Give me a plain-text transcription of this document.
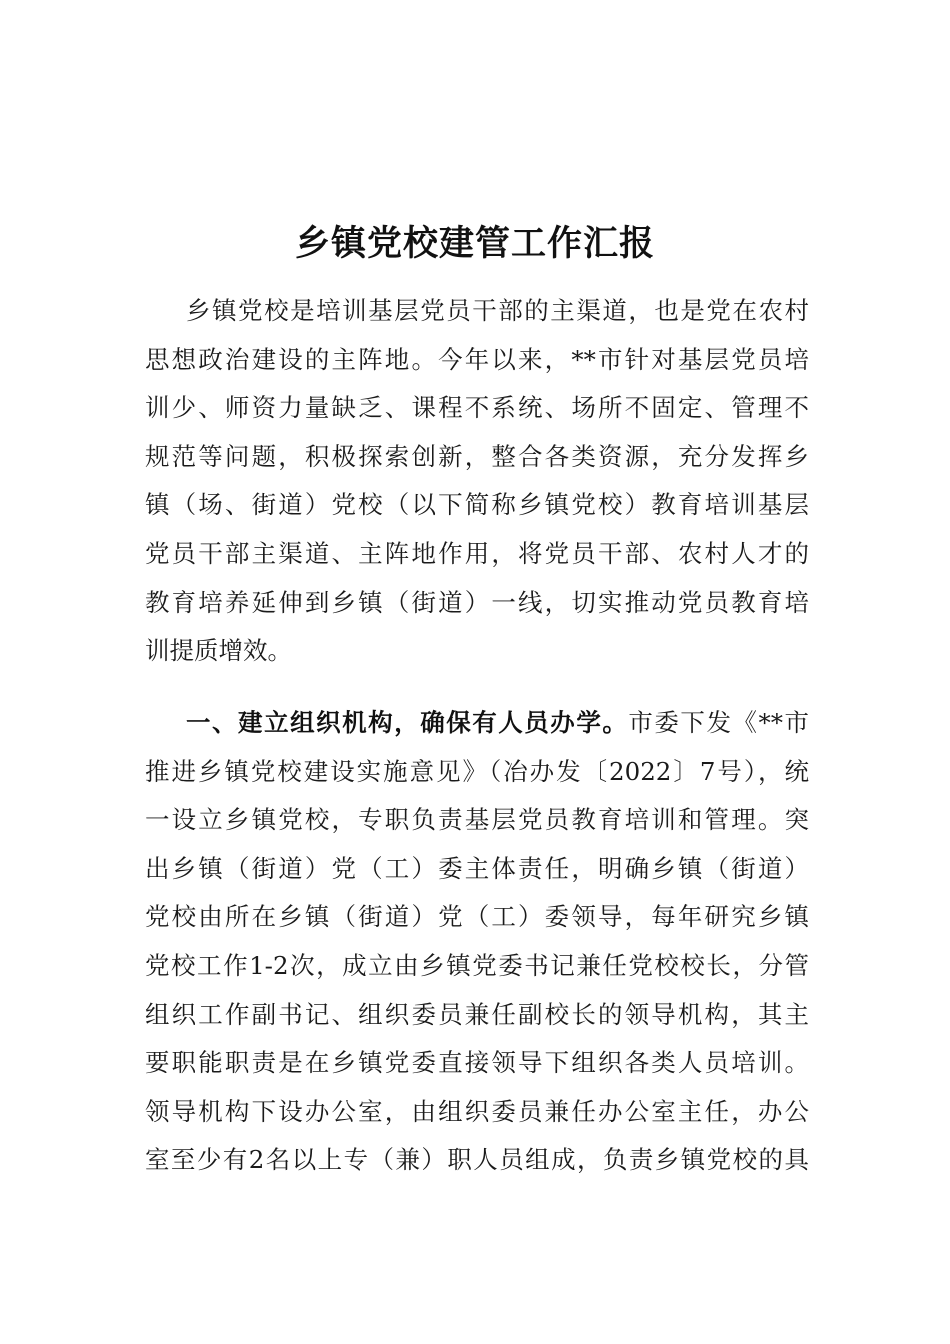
乡镇党校建管工作汇报
乡镇党校是培训基层党员干部的主渠道，也是党在农村
思想政治建设的主阵地。今年以来，**市针对基层党员培
训少、师资力量缺乏、课程不系统、场所不固定、管理不
规范等问题，积极探索创新，整合各类资源，充分发挥乡
镇（场、街道）党校（以下简称乡镇党校）教育培训基层
党员干部主渠道、主阵地作用，将党员干部、农村人才的
教育培养延伸到乡镇（街道）一线，切实推动党员教育培
训提质增效。
一、建立组织机构，确保有人员办学。市委下发《**市
推进乡镇党校建设实施意见》（冶办发〔2022〕7号），统
一设立乡镇党校，专职负责基层党员教育培训和管理。突
出乡镇（街道）党（工）委主体责任，明确乡镇（街道）
党校由所在乡镇（街道）党（工）委领导，每年研究乡镇
党校工作1-2次，成立由乡镇党委书记兼任党校校长，分管
组织工作副书记、组织委员兼任副校长的领导机构，其主
要职能职责是在乡镇党委直接领导下组织各类人员培训。
领导机构下设办公室，由组织委员兼任办公室主任，办公
室至少有2名以上专（兼）职人员组成，负责乡镇党校的具
